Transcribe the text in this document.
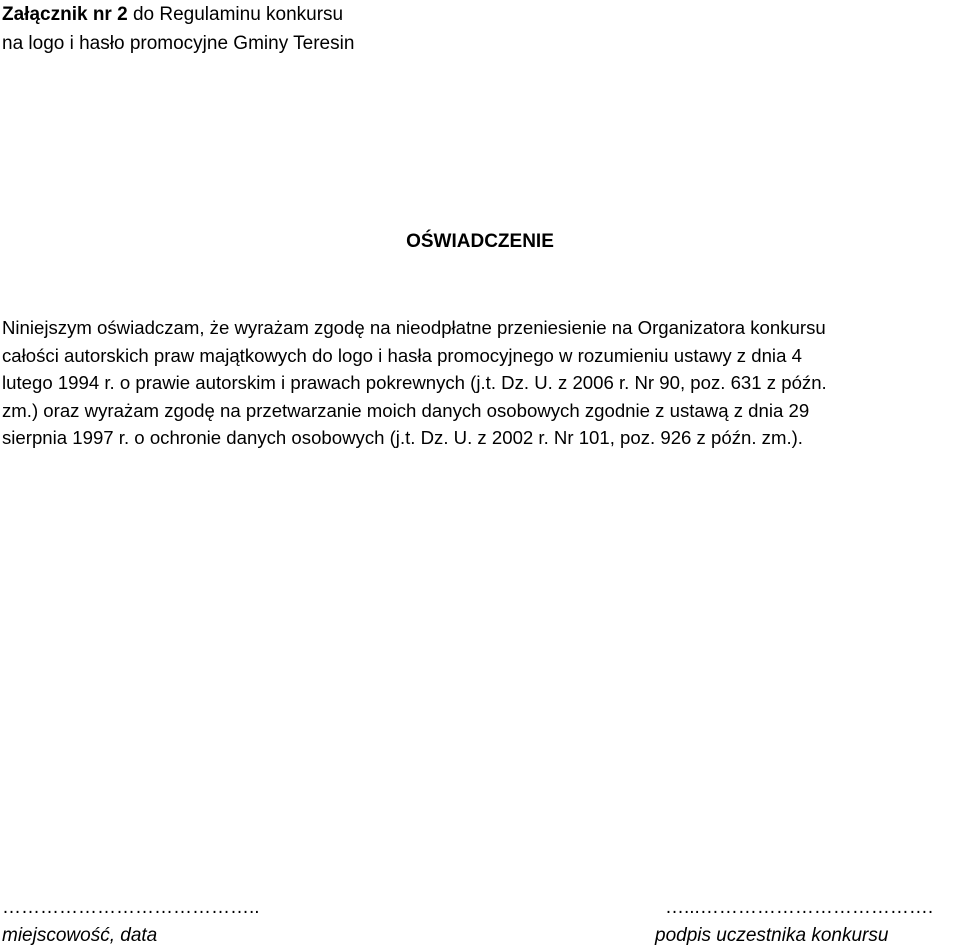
Załącznik nr 2 do Regulaminu konkursu
na logo i hasło promocyjne Gminy Teresin
OŚWIADCZENIE
Niniejszym oświadczam, że wyrażam zgodę na nieodpłatne przeniesienie na Organizatora konkursu
całości autorskich praw majątkowych do logo i hasła promocyjnego w rozumieniu ustawy z dnia 4
lutego 1994 r. o prawie autorskim i prawach pokrewnych (j.t. Dz. U. z 2006 r. Nr 90, poz. 631 z późn.
zm.) oraz wyrażam zgodę na przetwarzanie moich danych osobowych zgodnie z ustawą z dnia 29
sierpnia 1997 r. o ochronie danych osobowych (j.t. Dz. U. z 2002 r. Nr 101, poz. 926 z późn. zm.).
…………………………………..
miejscowość, data
…...……………………………….
podpis uczestnika konkursu
